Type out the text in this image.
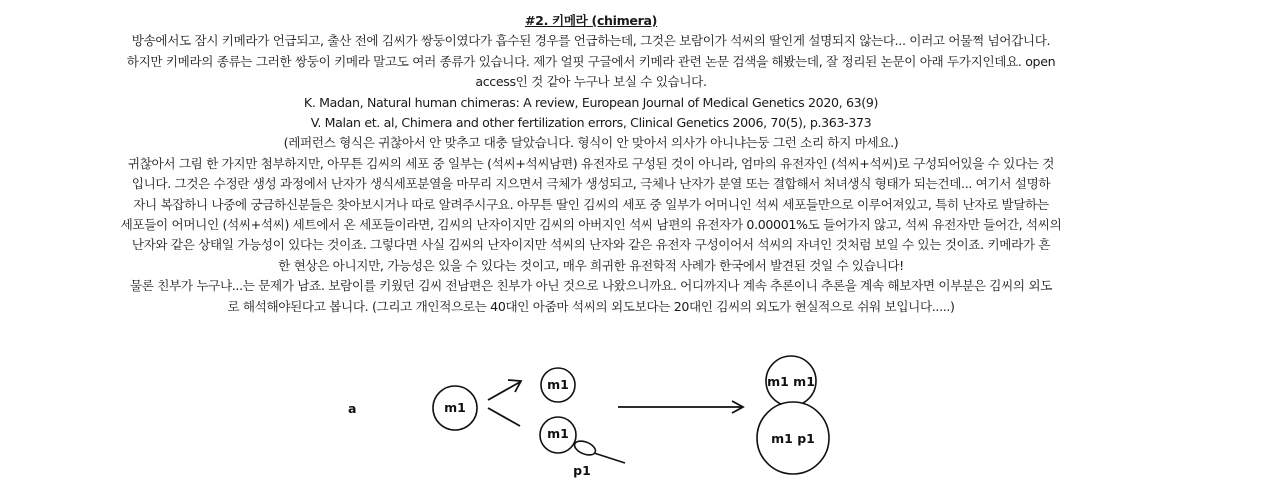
#2. 키메라 (chimera)
방송에서도 잠시 키메라가 언급되고, 출산 전에 김씨가 쌍둥이였다가 흡수된 경우를 언급하는데, 그것은 보람이가 석씨의 딸인게 설명되지 않는다... 이러고 어물쩍 넘어갑니다.
하지만 키메라의 종류는 그러한 쌍둥이 키메라 말고도 여러 종류가 있습니다. 제가 얼핏 구글에서 키메라 관련 논문 검색을 해봤는데, 잘 정리된 논문이 아래 두가지인데요. open
access인 것 같아 누구나 보실 수 있습니다.
K. Madan, Natural human chimeras: A review, European Journal of Medical Genetics 2020, 63(9)
V. Malan et. al, Chimera and other fertilization errors, Clinical Genetics 2006, 70(5), p.363-373
(레퍼런스 형식은 귀찮아서 안 맞추고 대충 달았습니다. 형식이 안 맞아서 의사가 아니냐는둥 그런 소리 하지 마세요.)
귀찮아서 그림 한 가지만 첨부하지만, 아무튼 김씨의 세포 중 일부는 (석씨+석씨남편) 유전자로 구성된 것이 아니라, 엄마의 유전자인 (석씨+석씨)로 구성되어있을 수 있다는 것
입니다. 그것은 수정란 생성 과정에서 난자가 생식세포분열을 마무리 지으면서 극체가 생성되고, 극체나 난자가 분열 또는 결합해서 처녀생식 형태가 되는건데... 여기서 설명하
자니 복잡하니 나중에 궁금하신분들은 찾아보시거나 따로 알려주시구요. 아무튼 딸인 김씨의 세포 중 일부가 어머니인 석씨 세포들만으로 이루어져있고, 특히 난자로 발달하는
세포들이 어머니인 (석씨+석씨) 세트에서 온 세포들이라면, 김씨의 난자이지만 김씨의 아버지인 석씨 남편의 유전자가 0.00001%도 들어가지 않고, 석씨 유전자만 들어간, 석씨의
난자와 같은 상태일 가능성이 있다는 것이죠. 그렇다면 사실 김씨의 난자이지만 석씨의 난자와 같은 유전자 구성이어서 석씨의 자녀인 것처럼 보일 수 있는 것이죠. 키메라가 흔
한 현상은 아니지만, 가능성은 있을 수 있다는 것이고, 매우 희귀한 유전학적 사례가 한국에서 발견된 것일 수 있습니다!
물론 친부가 누구냐...는 문제가 남죠. 보람이를 키웠던 김씨 전남편은 친부가 아닌 것으로 나왔으니까요. 어디까지나 계속 추론이니 추론을 계속 해보자면 이부분은 김씨의 외도
로 해석해야된다고 봅니다. (그리고 개인적으로는 40대인 아줌마 석씨의 외도보다는 20대인 김씨의 외도가 현실적으로 쉬워 보입니다.....)
a	m1
m1
m1
p1
m1 m1
m1 p1
